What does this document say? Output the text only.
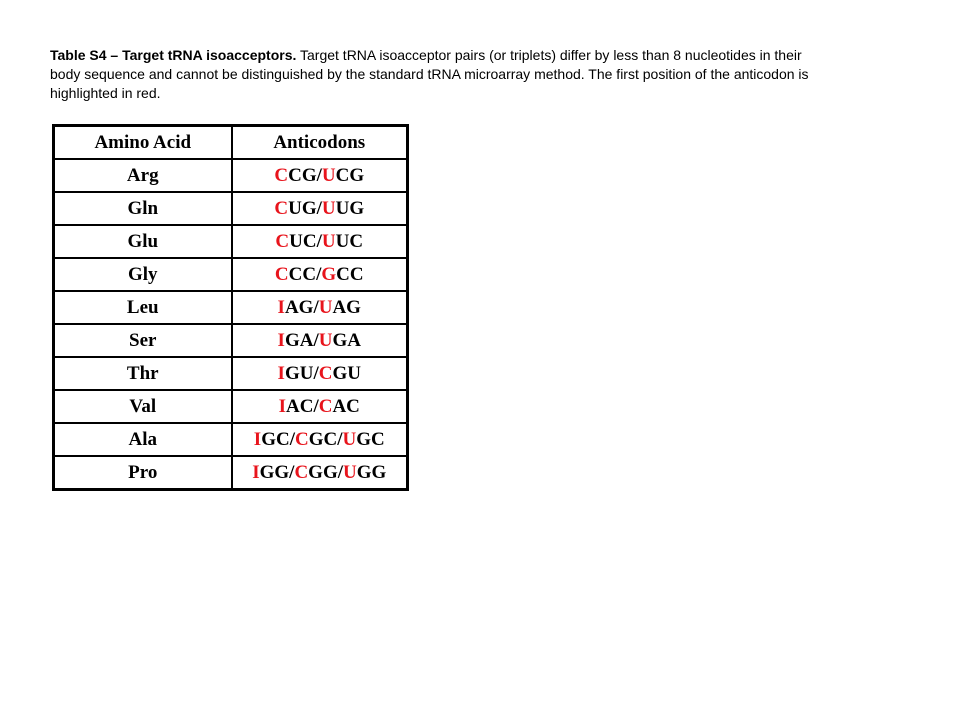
Table S4 – Target tRNA isoacceptors. Target tRNA isoacceptor pairs (or triplets) differ by less than 8 nucleotides in their body sequence and cannot be distinguished by the standard tRNA microarray method. The first position of the anticodon is highlighted in red.
Amino Acid	Anticodons
Arg	CCG/UCG
Gln	CUG/UUG
Glu	CUC/UUC
Gly	CCC/GCC
Leu	IAG/UAG
Ser	IGA/UGA
Thr	IGU/CGU
Val	IAC/CAC
Ala	IGC/CGC/UGC
Pro	IGG/CGG/UGG
